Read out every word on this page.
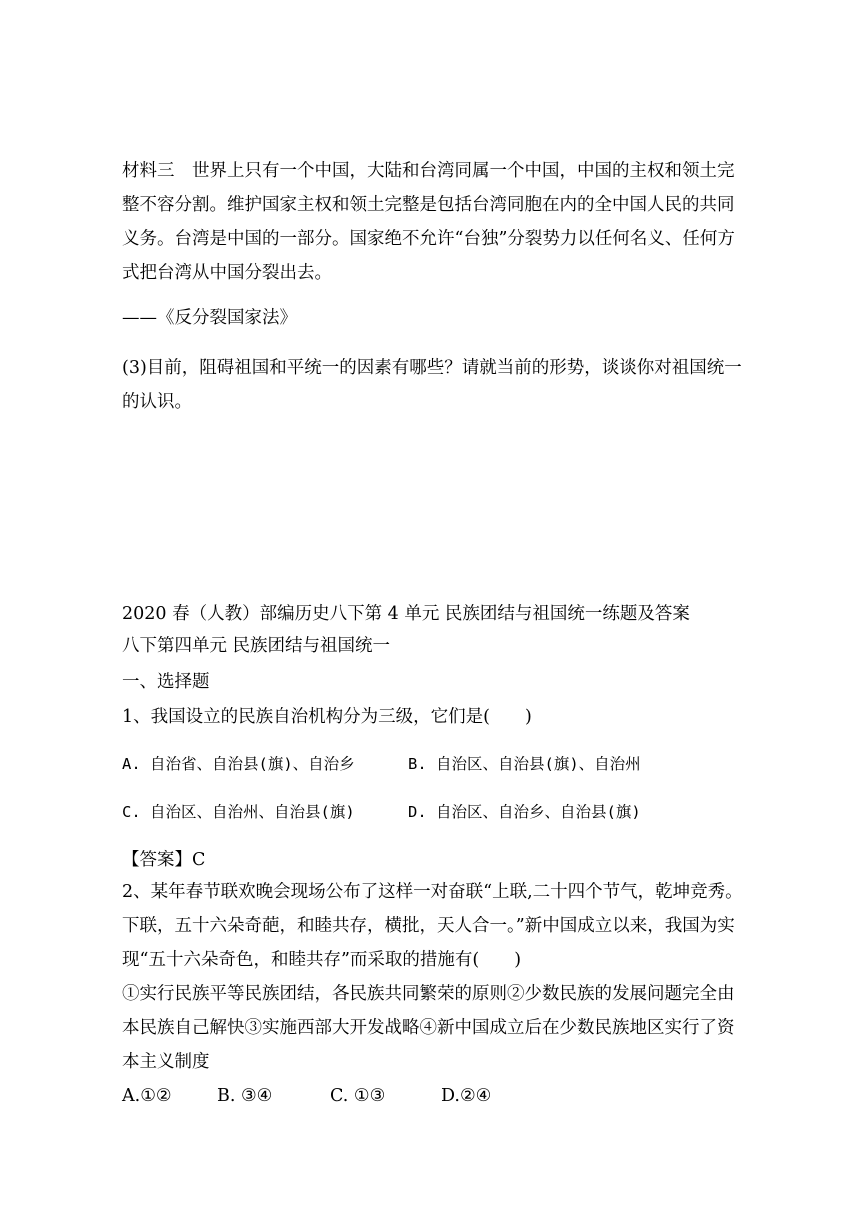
材料三　世界上只有一个中国，大陆和台湾同属一个中国，中国的主权和领土完
整不容分割。维护国家主权和领土完整是包括台湾同胞在内的全中国人民的共同
义务。台湾是中国的一部分。国家绝不允许“台独”分裂势力以任何名义、任何方
式把台湾从中国分裂出去。
——《反分裂国家法》
(3)目前，阻碍祖国和平统一的因素有哪些？请就当前的形势，谈谈你对祖国统一
的认识。
2020 春（人教）部编历史八下第 4 单元 民族团结与祖国统一练题及答案
八下第四单元 民族团结与祖国统一
一、选择题
1、我国设立的民族自治机构分为三级，它们是(　　)
A. 自治省、自治县(旗)、自治乡	B. 自治区、自治县(旗)、自治州
C. 自治区、自治州、自治县(旗)	D. 自治区、自治乡、自治县(旗)
【答案】C
2、某年春节联欢晚会现场公布了这样一对奋联“上联,二十四个节气，乾坤竞秀。
下联，五十六朵奇葩，和睦共存，横批，天人合一。”新中国成立以来，我国为实
现“五十六朵奇色，和睦共存”而采取的措施有(　　)
①实行民族平等民族团结，各民族共同繁荣的原则②少数民族的发展问题完全由
本民族自己解快③实施西部大开发战略④新中国成立后在少数民族地区实行了资
本主义制度
A.①②	B. ③④	C. ①③	D.②④
